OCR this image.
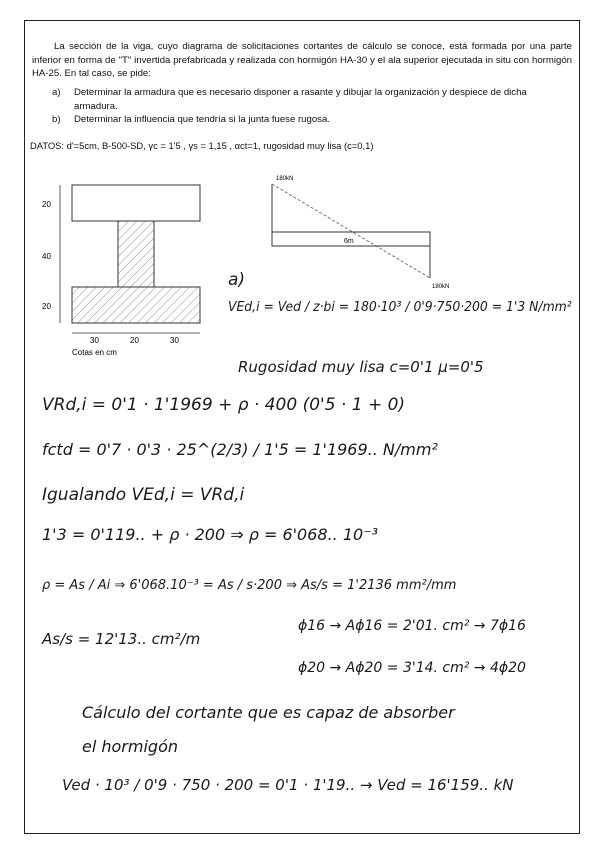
La sección de la viga, cuyo diagrama de solicitaciones cortantes de cálculo se conoce, está formada por una parte inferior en forma de "T" invertida prefabricada y realizada con hormigón HA-30 y el ala superior ejecutada in situ con hormigón HA-25. En tal caso, se pide:
a)	Determinar la armadura que es necesario disponer a rasante y dibujar la organización y despiece de dicha armadura.
b)	Determinar la influencia que tendría si la junta fuese rugosa.
DATOS: d'=5cm, B-500-SD, γc = 1'5 , γs = 1,15 , αct=1, rugosidad muy lisa (c=0,1)
20
40
20
30	20	30
Cotas en cm
180kN
6m
180kN
a)
VEd,i = Ved / z·bi = 180·10³ / 0'9·750·200 = 1'3 N/mm²
Rugosidad muy lisa c=0'1 μ=0'5
VRd,i = 0'1 · 1'1969 + ρ · 400 (0'5 · 1 + 0)
fctd = 0'7 · 0'3 · 25^(2/3) / 1'5 = 1'1969.. N/mm²
Igualando VEd,i = VRd,i
1'3 = 0'119.. + ρ · 200 ⇒ ρ = 6'068.. 10⁻³
ρ = As / Ai ⇒ 6'068.10⁻³ = As / s·200 ⇒ As/s = 1'2136 mm²/mm
As/s = 12'13.. cm²/m
ϕ16 → Aϕ16 = 2'01. cm² → 7ϕ16
ϕ20 → Aϕ20 = 3'14. cm² → 4ϕ20
Cálculo del cortante que es capaz de absorber
el hormigón
Ved · 10³ / 0'9 · 750 · 200 = 0'1 · 1'19.. → Ved = 16'159.. kN
